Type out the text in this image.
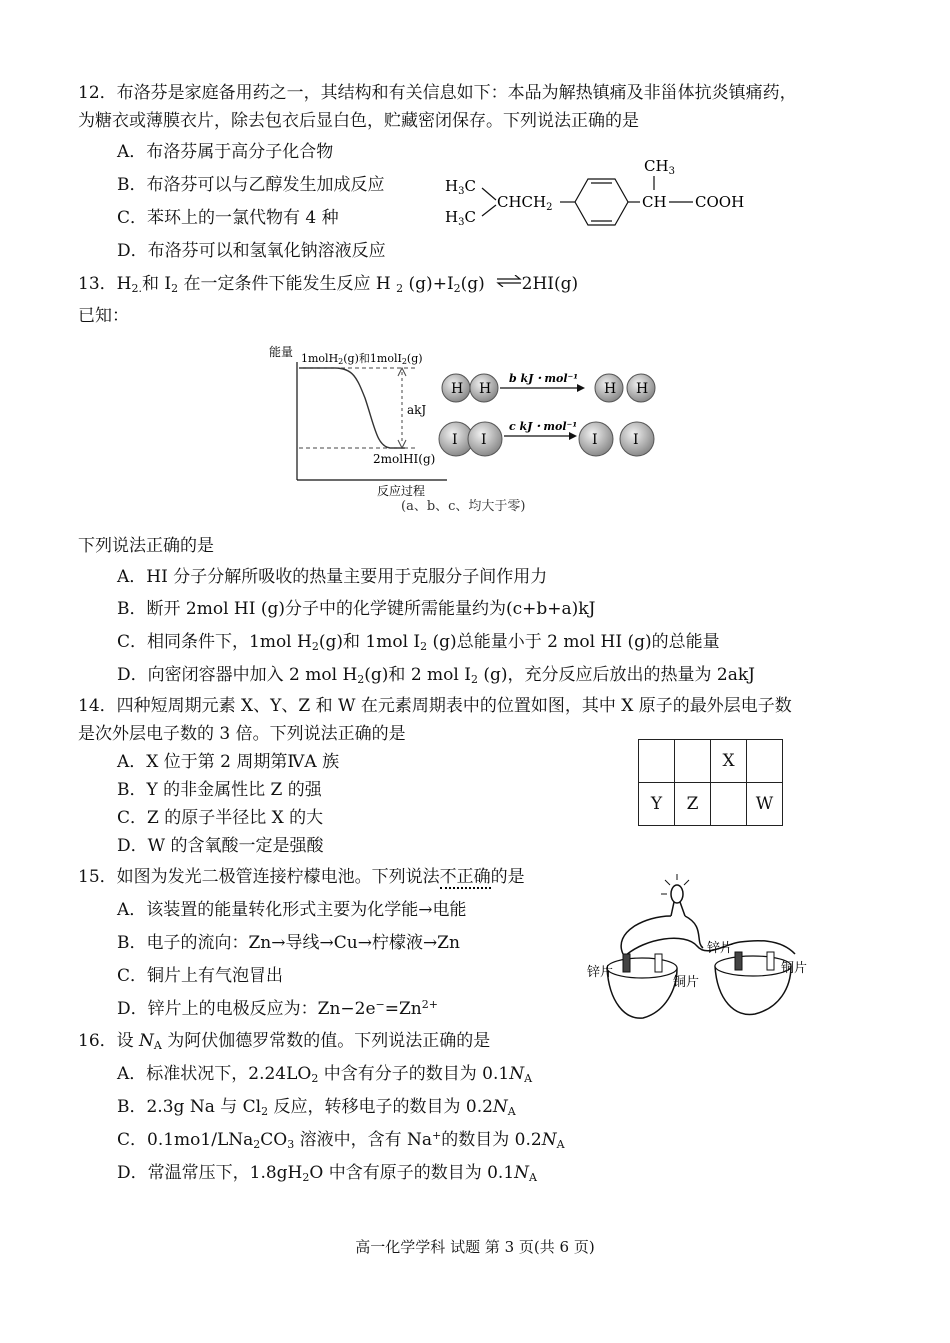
12．布洛芬是家庭备用药之一，其结构和有关信息如下：本品为解热镇痛及非甾体抗炎镇痛药，
为糖衣或薄膜衣片，除去包衣后显白色，贮藏密闭保存。下列说法正确的是
A．布洛芬属于高分子化合物
B．布洛芬可以与乙醇发生加成反应
C．苯环上的一氯代物有 4 种
D．布洛芬可以和氢氧化钠溶液反应
$H_3C$
$H_3C$
$CHCH_2$	CH COOH
$CH_3$
13．$H_{2.}$和 $I_2$ 在一定条件下能发生反应 H $_2$ $(g)+I_2(g)$ ⇌2HI(g)
已知：
能量 1molH2(g)和1molI2(g)
akJ
2molHI(g)
反应过程
(a、b、c、均大于零)
H H
b kJ・mol⁻¹
H H
I I
c kJ・mol⁻¹
I	I
下列说法正确的是
A．HI 分子分解所吸收的热量主要用于克服分子间作用力
B．断开 2mol HI (g)分子中的化学键所需能量约为(c+b+a)kJ
C．相同条件下，1mol $H_2(g)$和 1mol $I_2$ (g)总能量小于 2 mol HI (g)的总能量
D．向密闭容器中加入 2 mol $H_2(g)$和 2 mol $I_2$ (g)，充分反应后放出的热量为 2akJ
14．四种短周期元素 X、Y、Z 和 W 在元素周期表中的位置如图，其中 X 原子的最外层电子数
是次外层电子数的 3 倍。下列说法正确的是
A．X 位于第 2 周期第ⅣA 族
B．Y 的非金属性比 Z 的强
C．Z 的原子半径比 X 的大
D．W 的含氧酸一定是强酸
		X	
Y	Z		W
15．如图为发光二极管连接柠檬电池。下列说法不正确的是
A．该装置的能量转化形式主要为化学能→电能
B．电子的流向：Zn→导线→Cu→柠檬液→Zn
C．铜片上有气泡冒出
D．锌片上的电极反应为：$Zn-2e^-=Zn^{2+}$
锌片
铜片
锌片
铜片
16．设 $N_A$ 为阿伏伽德罗常数的值。下列说法正确的是
A．标准状况下，$2.24LO_2$ 中含有分子的数目为 $0.1N_A$
B．2.3g Na 与 $Cl_2$ 反应，转移电子的数目为 $0.2N_A$
C．$0.1mo1/LNa_2CO_3$ 溶液中，含有 Na+的数目为 $0.2N_A$
D．常温常压下，$1.8gH_2O$ 中含有原子的数目为 $0.1N_A$
高一化学学科 试题 第 3 页(共 6 页)
